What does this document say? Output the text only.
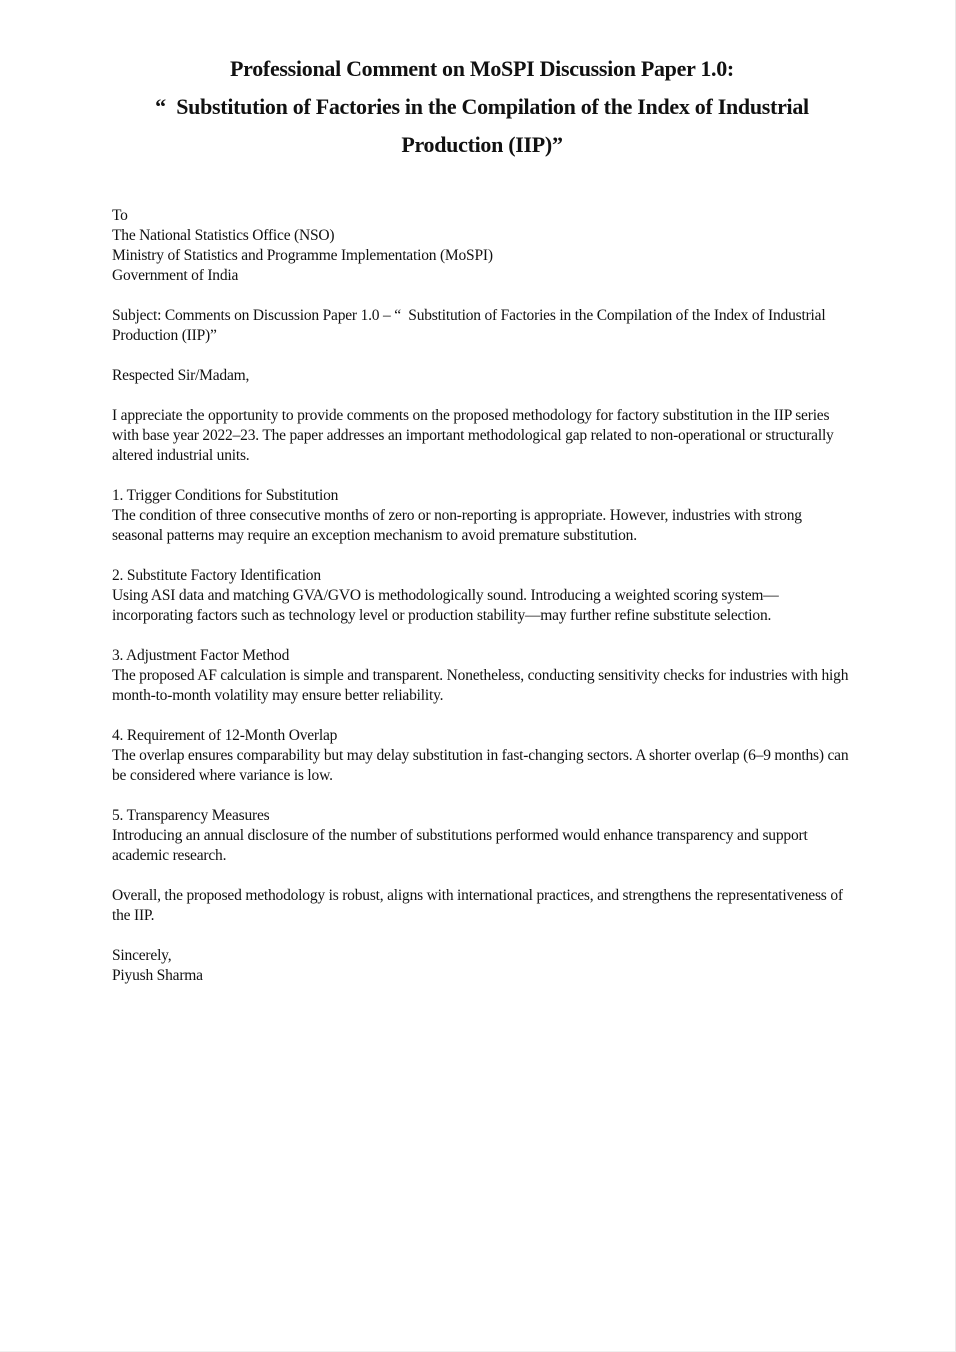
Professional Comment on MoSPI Discussion Paper 1.0:
“  Substitution of Factories in the Compilation of the Index of Industrial Production (IIP)”
To
The National Statistics Office (NSO)
Ministry of Statistics and Programme Implementation (MoSPI)
Government of India

Subject: Comments on Discussion Paper 1.0 – “  Substitution of Factories in the Compilation of the Index of Industrial Production (IIP)”

Respected Sir/Madam,

I appreciate the opportunity to provide comments on the proposed methodology for factory substitution in the IIP series with base year 2022–23. The paper addresses an important methodological gap related to non-operational or structurally altered industrial units.

1. Trigger Conditions for Substitution
The condition of three consecutive months of zero or non-reporting is appropriate. However, industries with strong seasonal patterns may require an exception mechanism to avoid premature substitution.
2. Substitute Factory Identification
Using ASI data and matching GVA/GVO is methodologically sound. Introducing a weighted scoring system—incorporating factors such as technology level or production stability—may further refine substitute selection.
3. Adjustment Factor Method
The proposed AF calculation is simple and transparent. Nonetheless, conducting sensitivity checks for industries with high month-to-month volatility may ensure better reliability.
4. Requirement of 12-Month Overlap
The overlap ensures comparability but may delay substitution in fast-changing sectors. A shorter overlap (6–9 months) can be considered where variance is low.
5. Transparency Measures
Introducing an annual disclosure of the number of substitutions performed would enhance transparency and support academic research.

Overall, the proposed methodology is robust, aligns with international practices, and strengthens the representativeness of the IIP.

Sincerely,
Piyush Sharma
